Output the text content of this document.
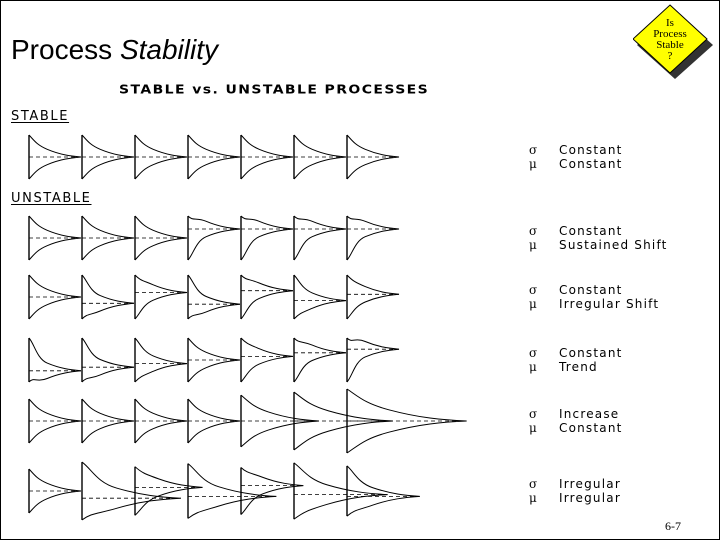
Process Stability
Is
Process
Stable
?
STABLE vs. UNSTABLE PROCESSES
STABLE
UNSTABLE
σ Constant
μ Constant
σ Constant
μ Sustained Shift
σ Constant
μ Irregular Shift
σ Constant
μ Trend
σ Increase
μ Constant
σ Irregular
μ Irregular
6-7
